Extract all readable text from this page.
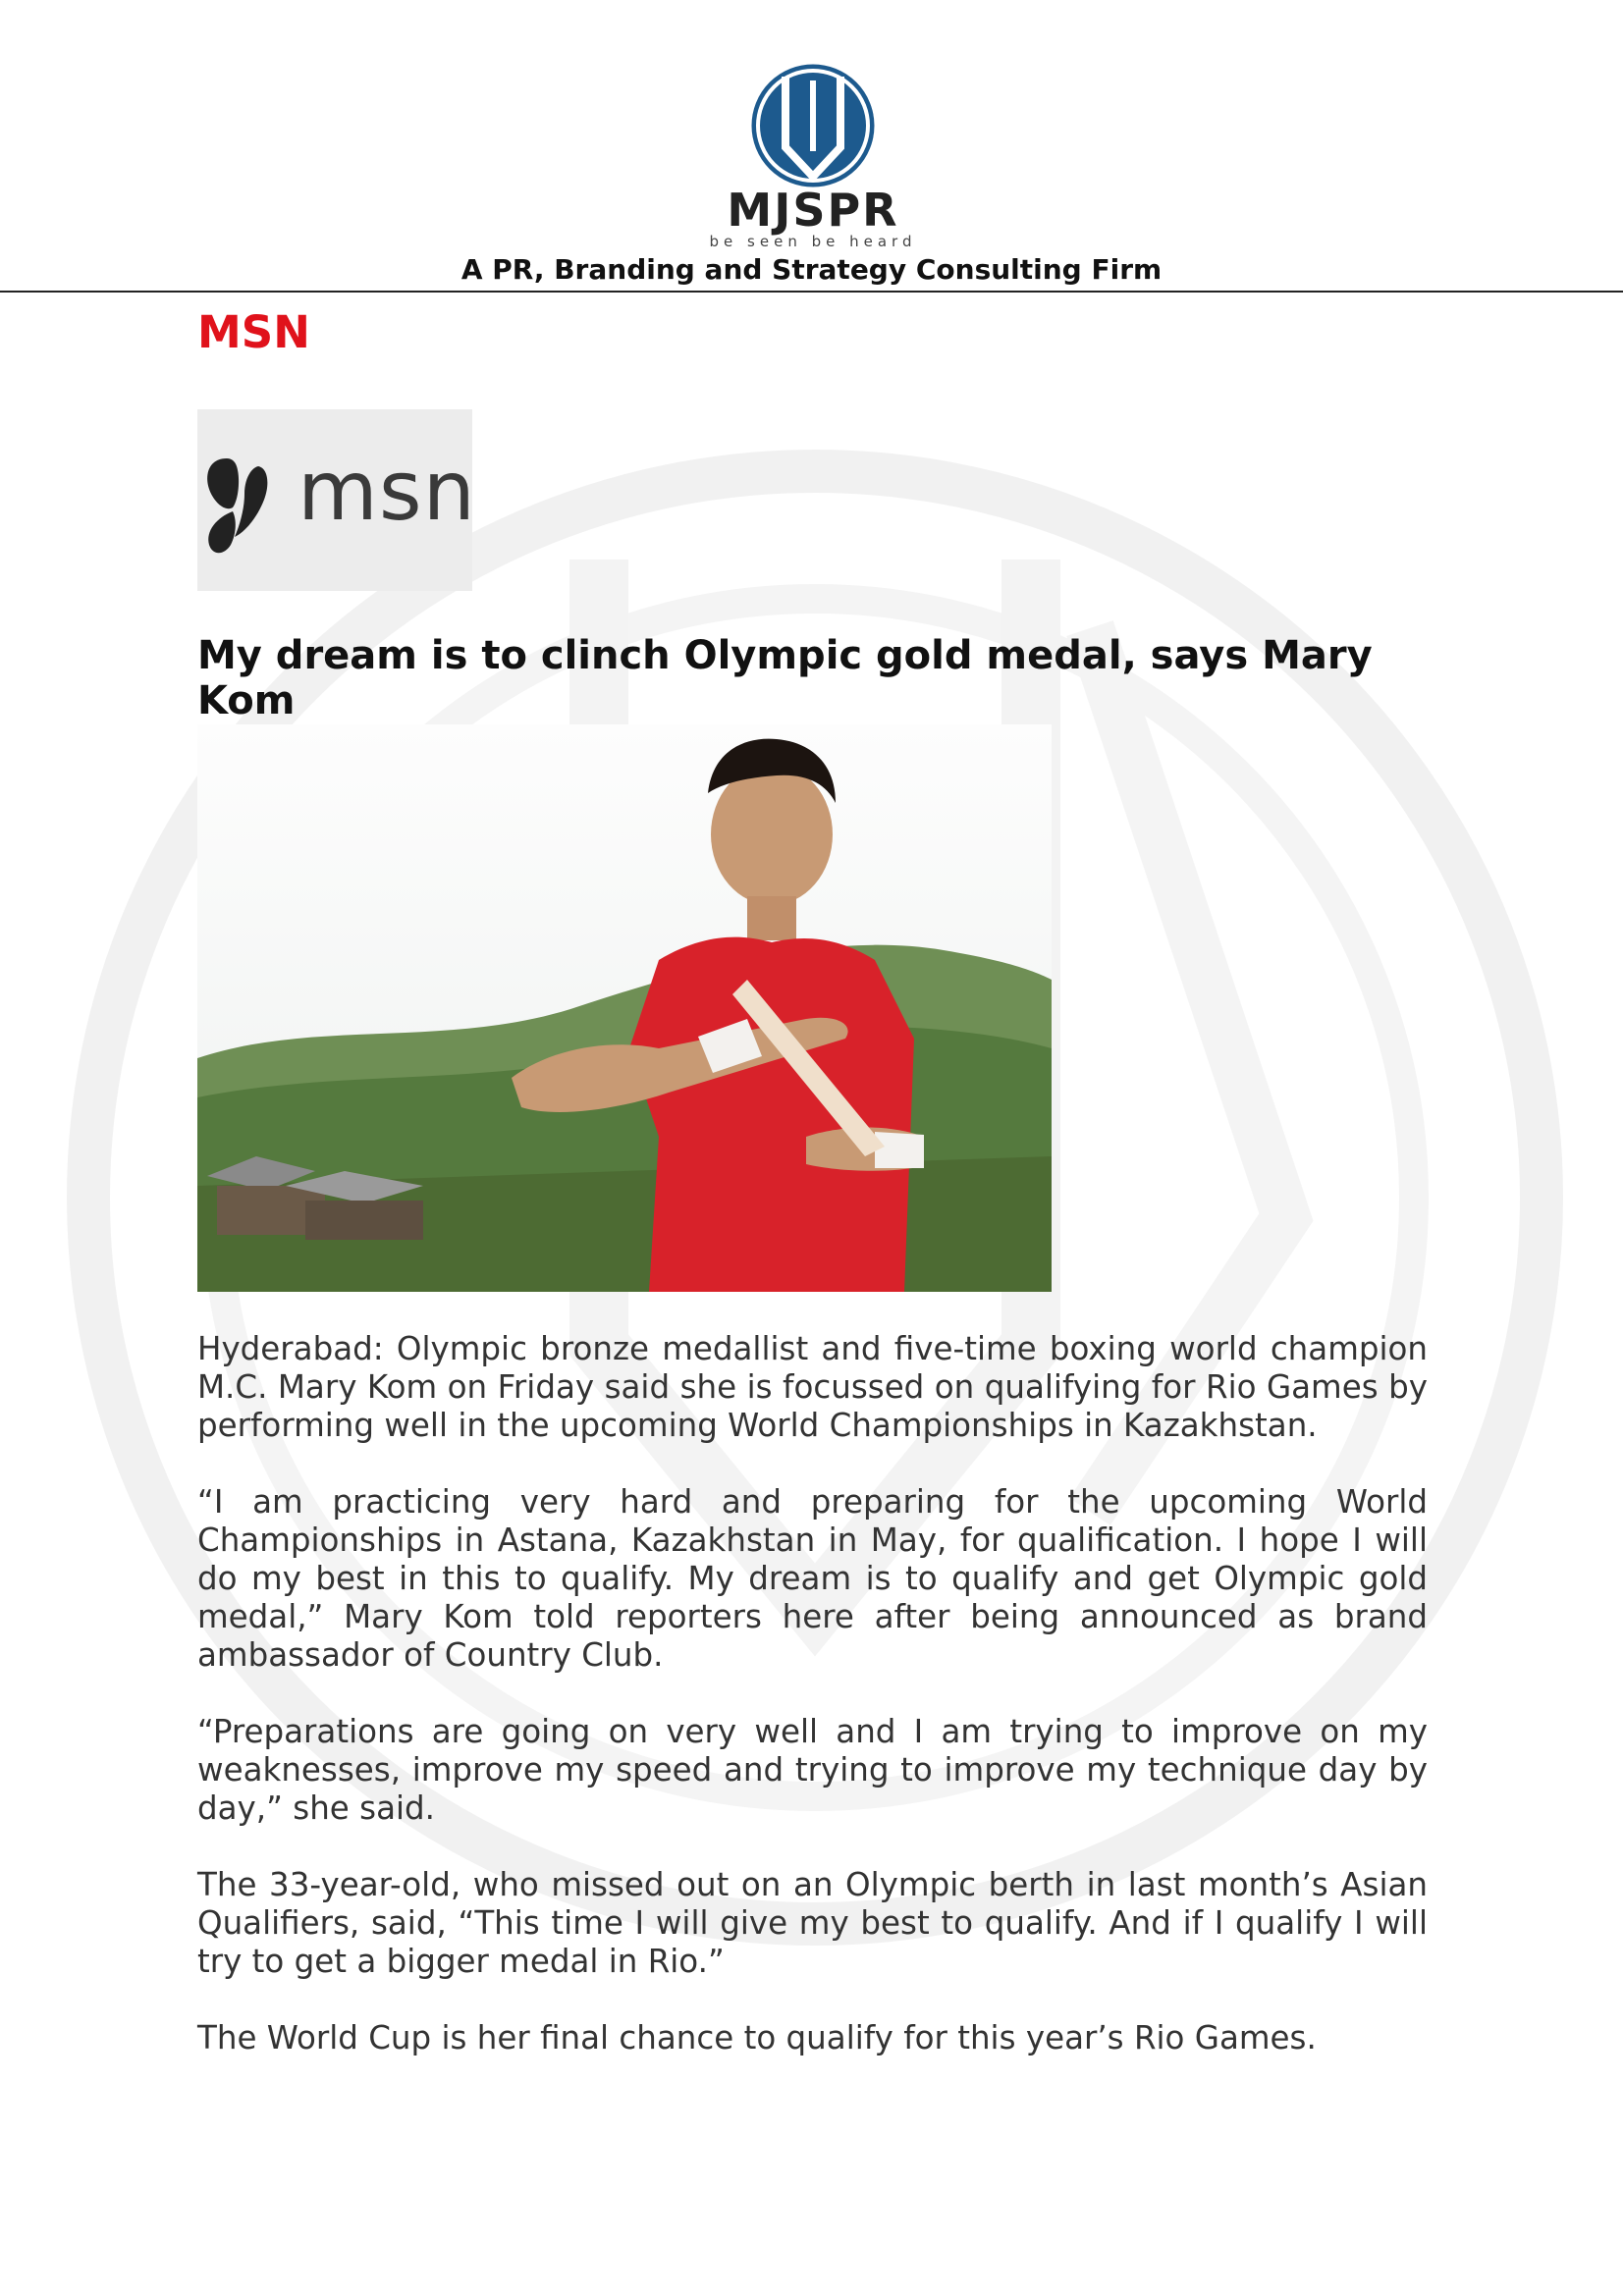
MJSPR
be seen be heard
A PR, Branding and Strategy Consulting Firm
MSN
msn
My dream is to clinch Olympic gold medal, says Mary Kom

Hyderabad: Olympic bronze medallist and five-time boxing world champion M.C. Mary Kom on Friday said she is focussed on qualifying for Rio Games by performing well in the upcoming World Championships in Kazakhstan.

“I am practicing very hard and preparing for the upcoming World Championships in Astana, Kazakhstan in May, for qualification. I hope I will do my best in this to qualify. My dream is to qualify and get Olympic gold medal,” Mary Kom told reporters here after being announced as brand ambassador of Country Club.

“Preparations are going on very well and I am trying to improve on my weaknesses, improve my speed and trying to improve my technique day by day,” she said.

The 33-year-old, who missed out on an Olympic berth in last month’s Asian Qualifiers, said, “This time I will give my best to qualify. And if I qualify I will try to get a bigger medal in Rio.”

The World Cup is her final chance to qualify for this year’s Rio Games.
